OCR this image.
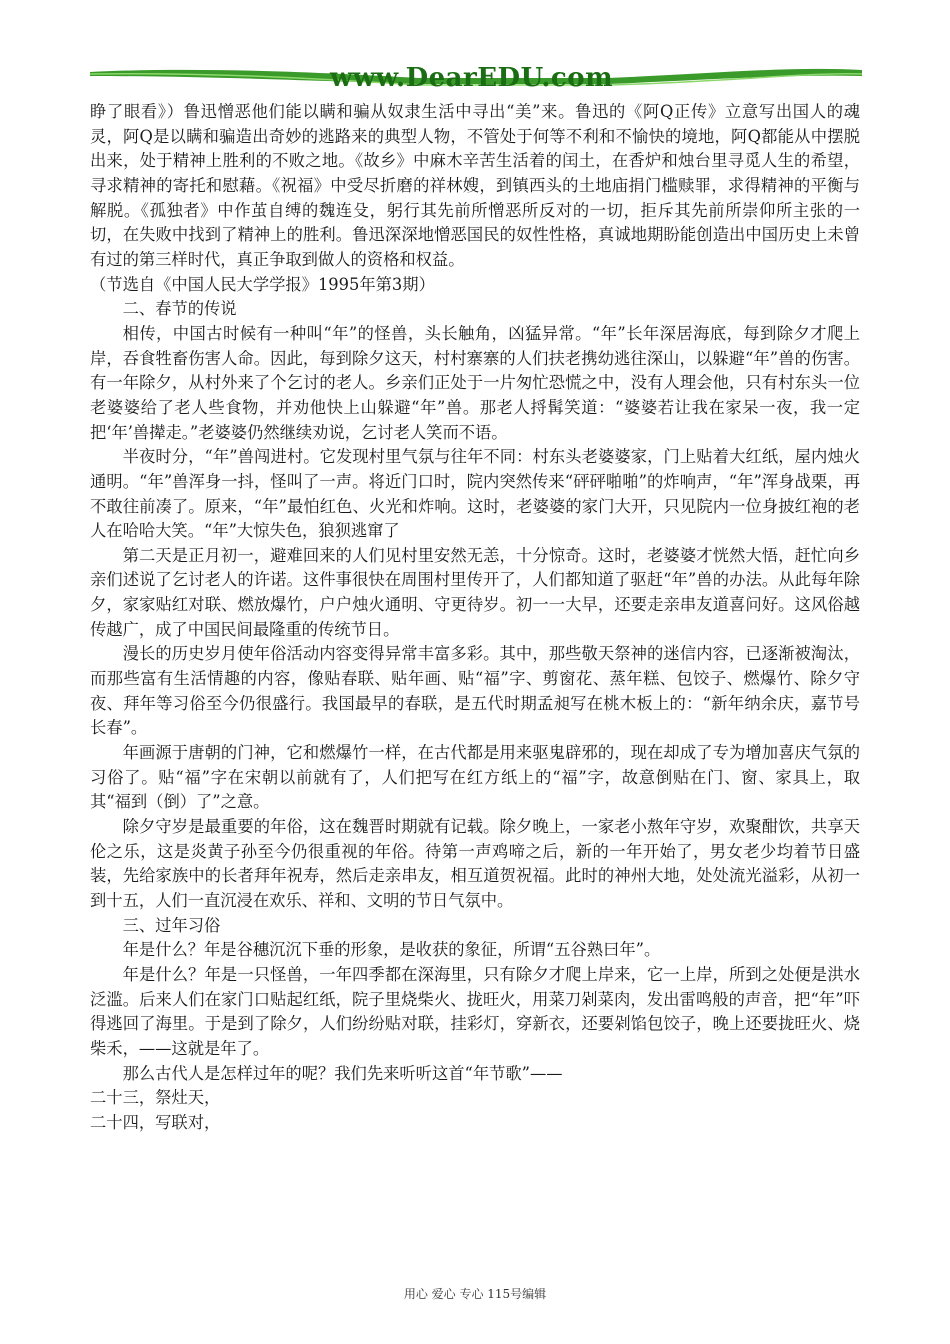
www.DearEDU.com

睁了眼看》）鲁迅憎恶他们能以瞒和骗从奴隶生活中寻出“美”来。鲁迅的《阿Q正传》立意写出国人的魂灵，阿Q是以瞒和骗造出奇妙的逃路来的典型人物，不管处于何等不利和不愉快的境地，阿Q都能从中摆脱出来，处于精神上胜利的不败之地。《故乡》中麻木辛苦生活着的闰土，在香炉和烛台里寻觅人生的希望，寻求精神的寄托和慰藉。《祝福》中受尽折磨的祥林嫂，到镇西头的土地庙捐门槛赎罪，求得精神的平衡与解脱。《孤独者》中作茧自缚的魏连殳，躬行其先前所憎恶所反对的一切，拒斥其先前所崇仰所主张的一切，在失败中找到了精神上的胜利。鲁迅深深地憎恶国民的奴性性格，真诚地期盼能创造出中国历史上未曾有过的第三样时代，真正争取到做人的资格和权益。

（节选自《中国人民大学学报》1995年第3期）

二、春节的传说

相传，中国古时候有一种叫“年”的怪兽，头长触角，凶猛异常。“年”长年深居海底，每到除夕才爬上岸，吞食牲畜伤害人命。因此，每到除夕这天，村村寨寨的人们扶老携幼逃往深山，以躲避“年”兽的伤害。有一年除夕，从村外来了个乞讨的老人。乡亲们正处于一片匆忙恐慌之中，没有人理会他，只有村东头一位老婆婆给了老人些食物，并劝他快上山躲避“年”兽。那老人捋髯笑道：“婆婆若让我在家呆一夜，我一定把‘年’兽撵走。”老婆婆仍然继续劝说，乞讨老人笑而不语。

半夜时分，“年”兽闯进村。它发现村里气氛与往年不同：村东头老婆婆家，门上贴着大红纸，屋内烛火通明。“年”兽浑身一抖，怪叫了一声。将近门口时，院内突然传来“砰砰啪啪”的炸响声，“年”浑身战栗，再不敢往前凑了。原来，“年”最怕红色、火光和炸响。这时，老婆婆的家门大开，只见院内一位身披红袍的老人在哈哈大笑。“年”大惊失色，狼狈逃窜了

第二天是正月初一，避难回来的人们见村里安然无恙，十分惊奇。这时，老婆婆才恍然大悟，赶忙向乡亲们述说了乞讨老人的许诺。这件事很快在周围村里传开了，人们都知道了驱赶“年”兽的办法。从此每年除夕，家家贴红对联、燃放爆竹，户户烛火通明、守更待岁。初一一大早，还要走亲串友道喜问好。这风俗越传越广，成了中国民间最隆重的传统节日。

漫长的历史岁月使年俗活动内容变得异常丰富多彩。其中，那些敬天祭神的迷信内容，已逐渐被淘汰，而那些富有生活情趣的内容，像贴春联、贴年画、贴“福”字、剪窗花、蒸年糕、包饺子、燃爆竹、除夕守夜、拜年等习俗至今仍很盛行。我国最早的春联，是五代时期孟昶写在桃木板上的：“新年纳余庆，嘉节号长春”。

年画源于唐朝的门神，它和燃爆竹一样，在古代都是用来驱鬼辟邪的，现在却成了专为增加喜庆气氛的习俗了。贴“福”字在宋朝以前就有了，人们把写在红方纸上的“福”字，故意倒贴在门、窗、家具上，取其“福到（倒）了”之意。

除夕守岁是最重要的年俗，这在魏晋时期就有记载。除夕晚上，一家老小熬年守岁，欢聚酣饮，共享天伦之乐，这是炎黄子孙至今仍很重视的年俗。待第一声鸡啼之后，新的一年开始了，男女老少均着节日盛装，先给家族中的长者拜年祝寿，然后走亲串友，相互道贺祝福。此时的神州大地，处处流光溢彩，从初一到十五，人们一直沉浸在欢乐、祥和、文明的节日气氛中。

三、过年习俗

年是什么？年是谷穗沉沉下垂的形象，是收获的象征，所谓“五谷熟曰年”。

年是什么？年是一只怪兽，一年四季都在深海里，只有除夕才爬上岸来，它一上岸，所到之处便是洪水泛滥。后来人们在家门口贴起红纸，院子里烧柴火、拢旺火，用菜刀剁菜肉，发出雷鸣般的声音，把“年”吓得逃回了海里。于是到了除夕，人们纷纷贴对联，挂彩灯，穿新衣，还要剁馅包饺子，晚上还要拢旺火、烧柴禾，——这就是年了。

那么古代人是怎样过年的呢？我们先来听听这首“年节歌”——

二十三，祭灶天，

二十四，写联对，

用心 爱心 专心 115号编辑
